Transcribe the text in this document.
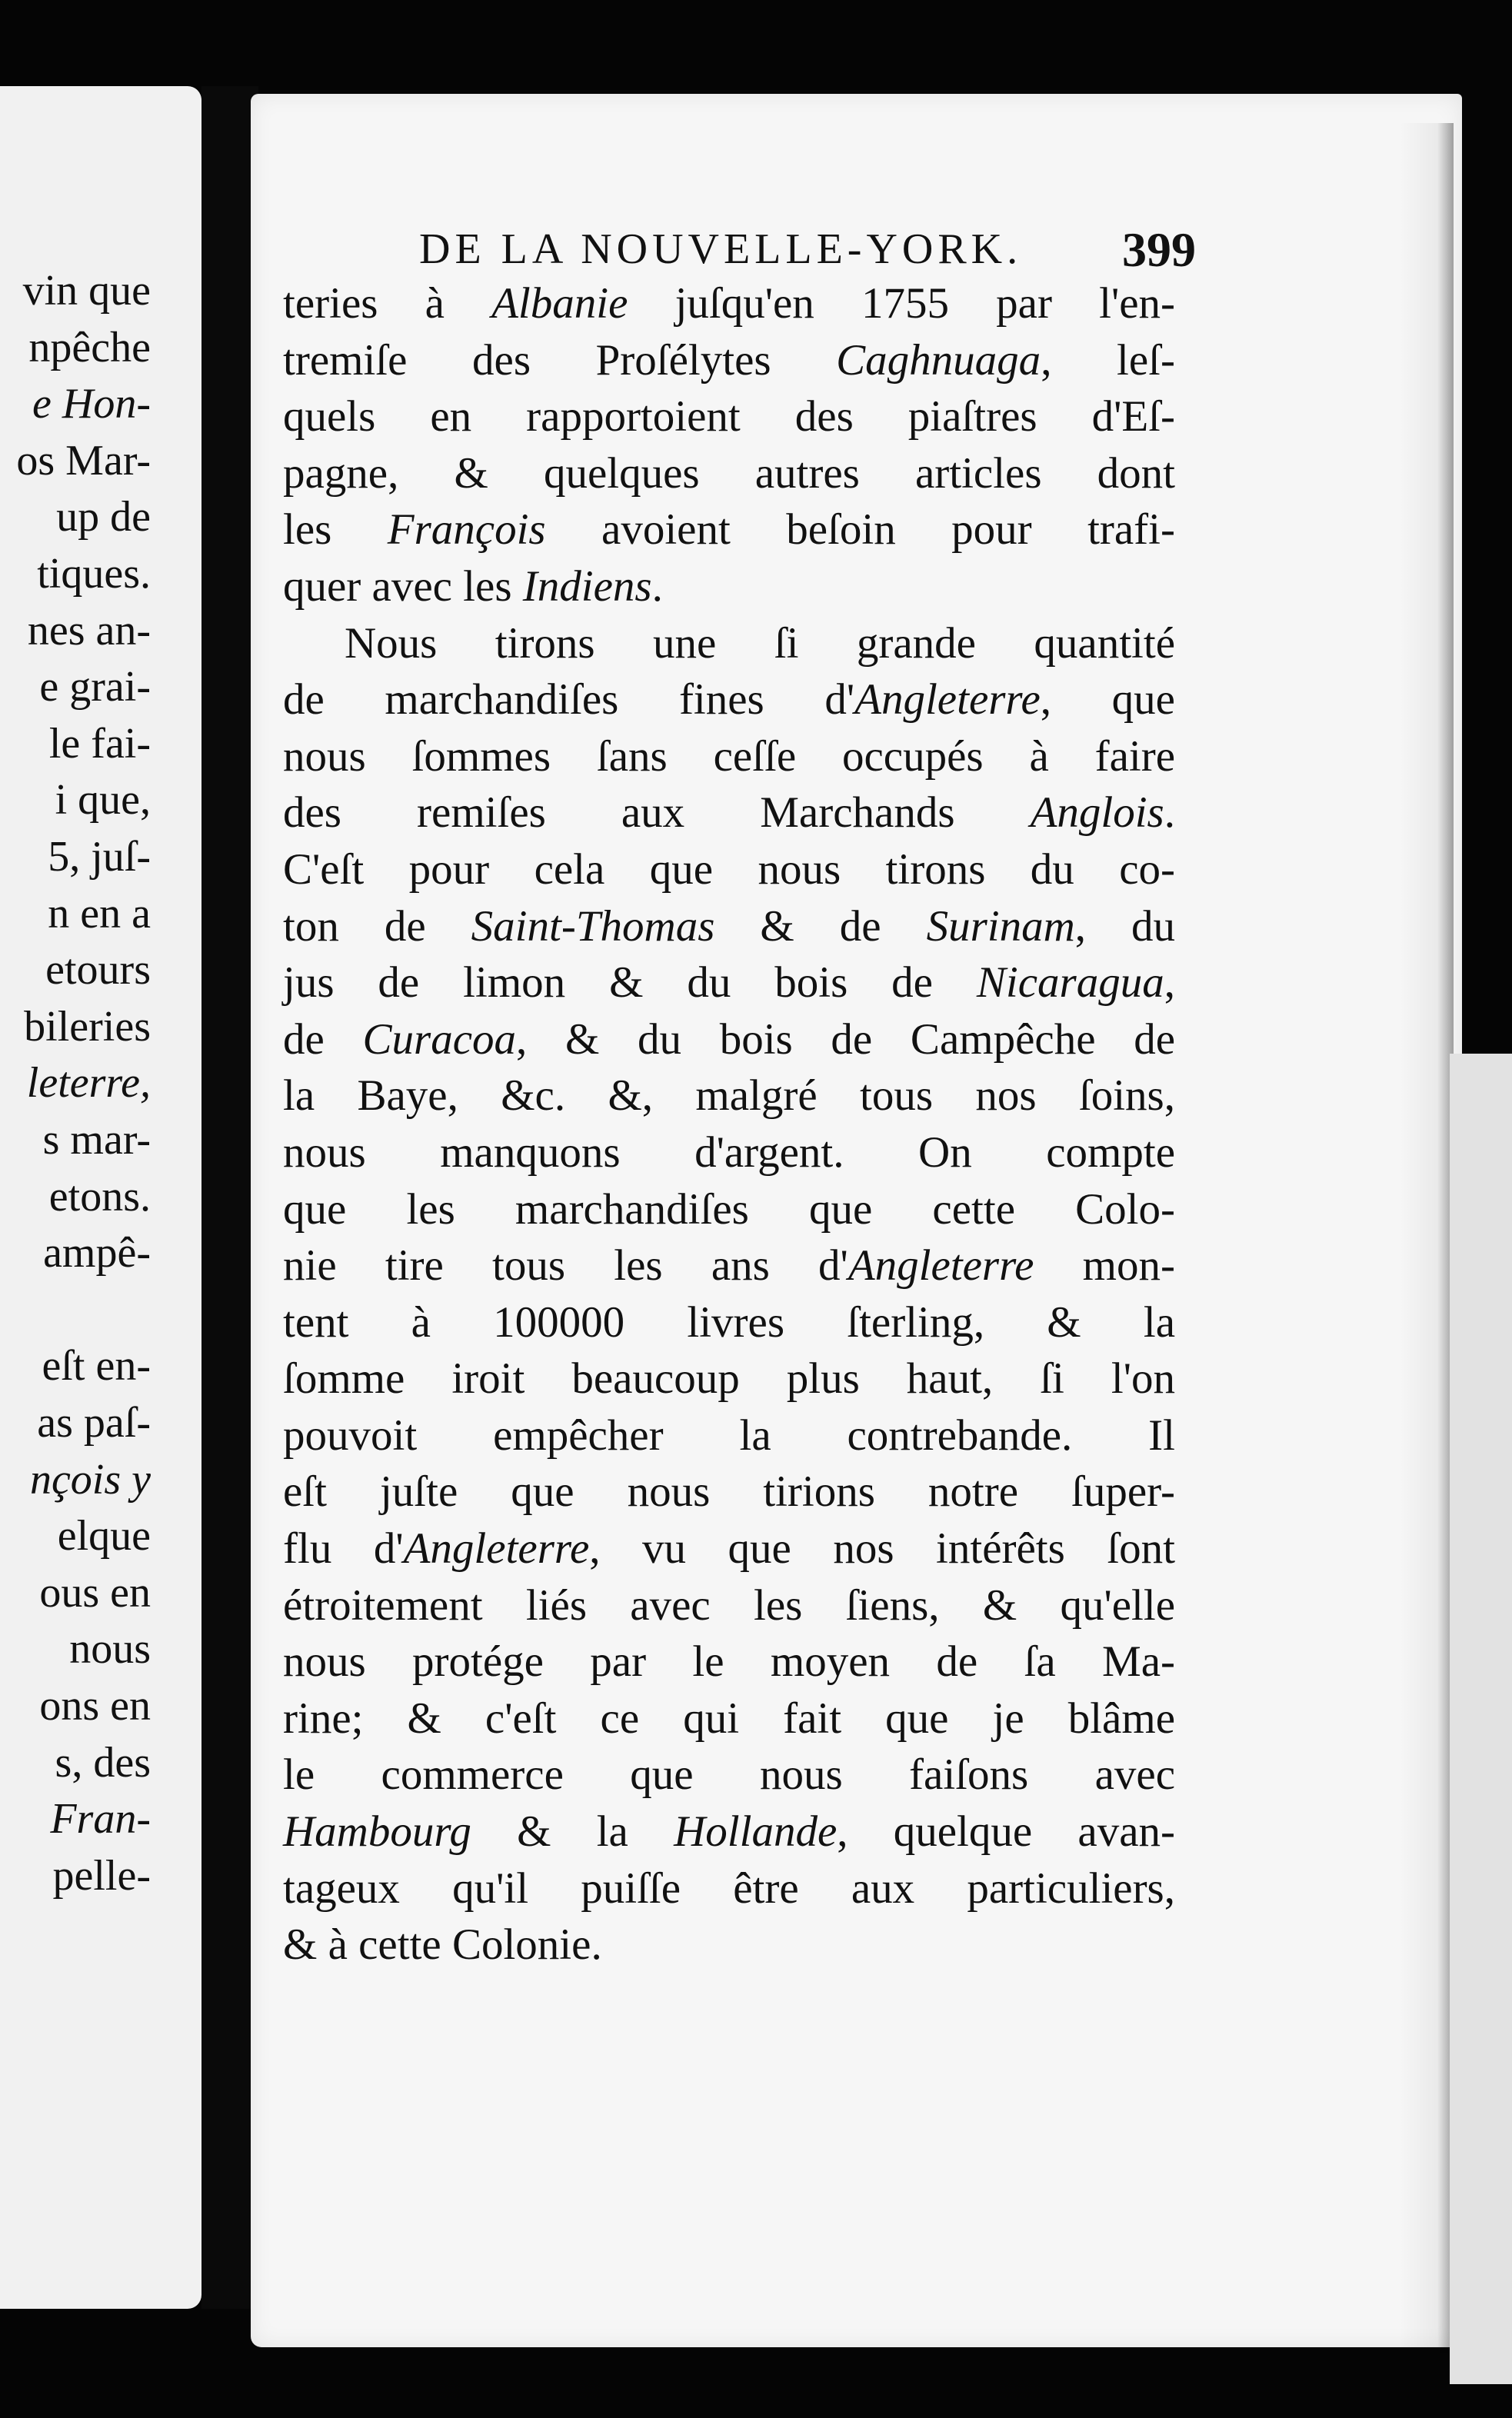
vin que
npêche
e Hon-
os Mar-
up de
tiques.
nes an-
e grai-
le fai-
i que,
5, juſ-
n en a
etours
bileries
leterre,
s mar-
etons.
ampê-
eſt en-
as paſ-
nçois y
elque
ous en
nous
ons en
s, des
Fran-
pelle-
DE LA NOUVELLE-YORK. 399
teries à Albanie juſqu'en 1755 par l'en-
tremiſe des Proſélytes Caghnuaga, leſ-
quels en rapportoient des piaſtres d'Eſ-
pagne, & quelques autres articles dont
les François avoient beſoin pour trafi-
quer avec les Indiens.
Nous tirons une ſi grande quantité
de marchandiſes fines d'Angleterre, que
nous ſommes ſans ceſſe occupés à faire
des remiſes aux Marchands Anglois.
C'eſt pour cela que nous tirons du co-
ton de Saint-Thomas & de Surinam, du
jus de limon & du bois de Nicaragua,
de Curacoa, & du bois de Campêche de
la Baye, &c. &, malgré tous nos ſoins,
nous manquons d'argent. On compte
que les marchandiſes que cette Colo-
nie tire tous les ans d'Angleterre mon-
tent à 100000 livres ſterling, & la
ſomme iroit beaucoup plus haut, ſi l'on
pouvoit empêcher la contrebande. Il
eſt juſte que nous tirions notre ſuper-
flu d'Angleterre, vu que nos intérêts ſont
étroitement liés avec les ſiens, & qu'elle
nous protége par le moyen de ſa Ma-
rine; & c'eſt ce qui fait que je blâme
le commerce que nous faiſons avec
Hambourg & la Hollande, quelque avan-
tageux qu'il puiſſe être aux particuliers,
& à cette Colonie.
